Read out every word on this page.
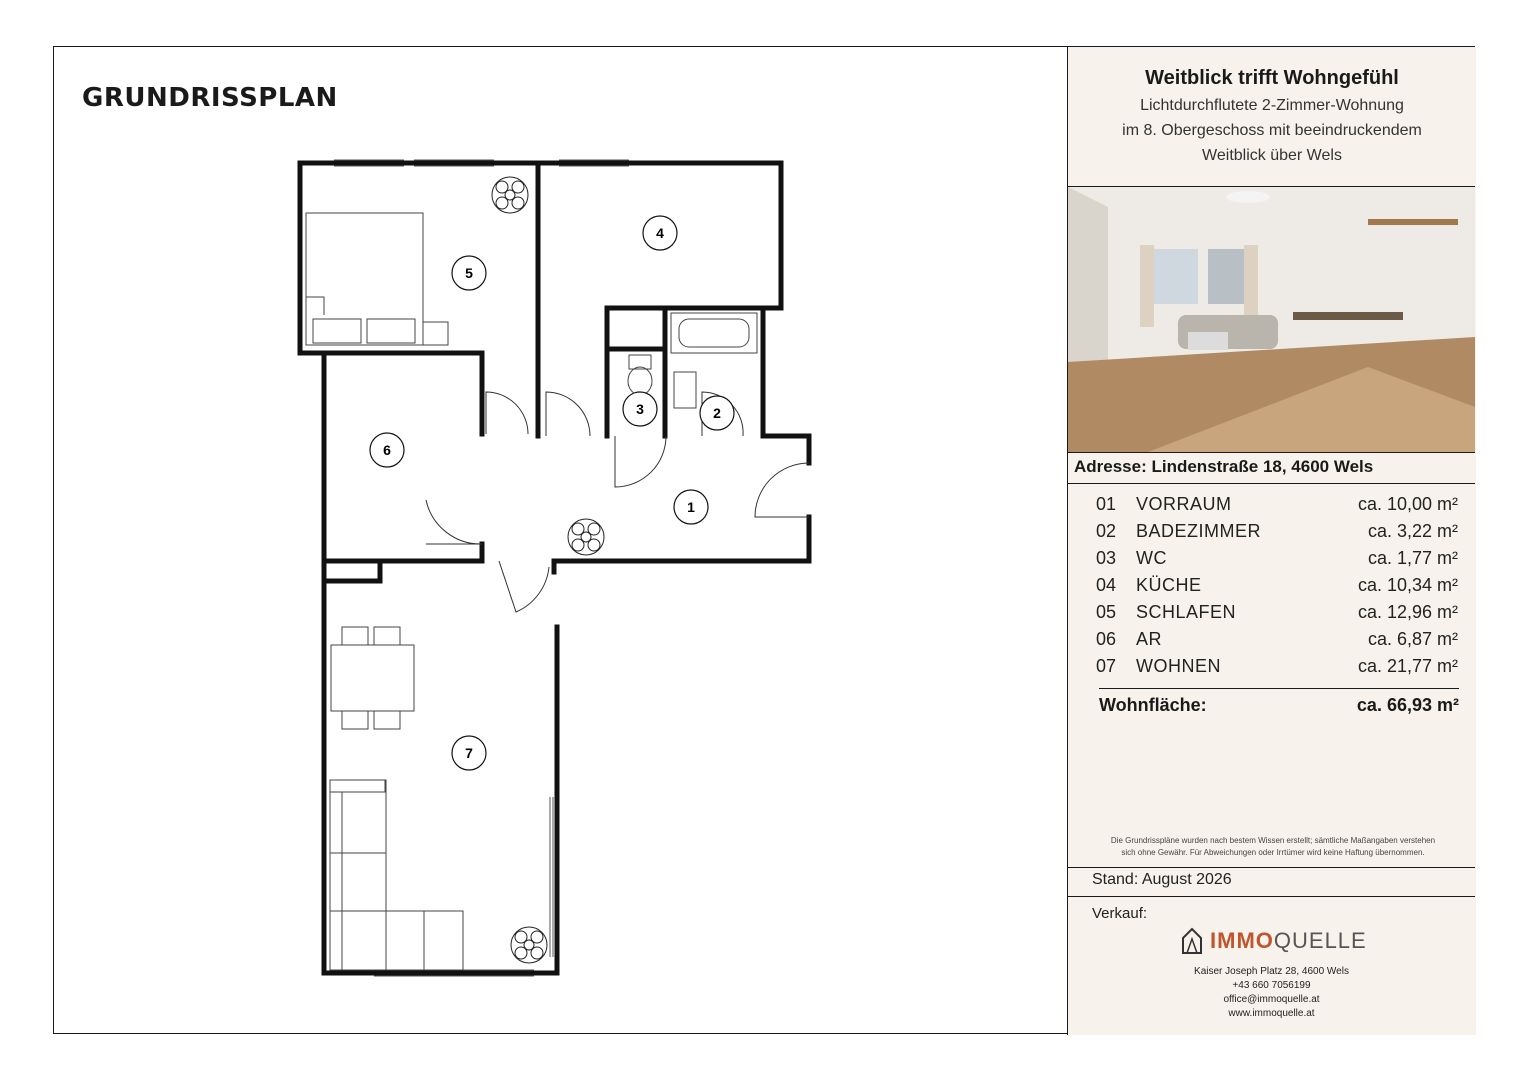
GRUNDRISSPLAN
1
2
3
4
5
6
7
Weitblick trifft Wohngefühl
Lichtdurchflutete 2-Zimmer-Wohnung
im 8. Obergeschoss mit beeindruckendem
Weitblick über Wels
Adresse: Lindenstraße 18, 4600 Wels
01	VORRAUM	ca. 10,00 m²
02	BADEZIMMER	ca. 3,22 m²
03	WC	ca. 1,77 m²
04	KÜCHE	ca. 10,34 m²
05	SCHLAFEN	ca. 12,96 m²
06	AR	ca. 6,87 m²
07	WOHNEN	ca. 21,77 m²
Wohnfläche:	ca. 66,93 m²
Die Grundrisspläne wurden nach bestem Wissen erstellt; sämtliche Maßangaben verstehen
sich ohne Gewähr. Für Abweichungen oder Irrtümer wird keine Haftung übernommen.
Stand: August 2026
Verkauf:
IMMOQUELLE
Kaiser Joseph Platz 28, 4600 Wels
+43 660 7056199
office@immoquelle.at
www.immoquelle.at
